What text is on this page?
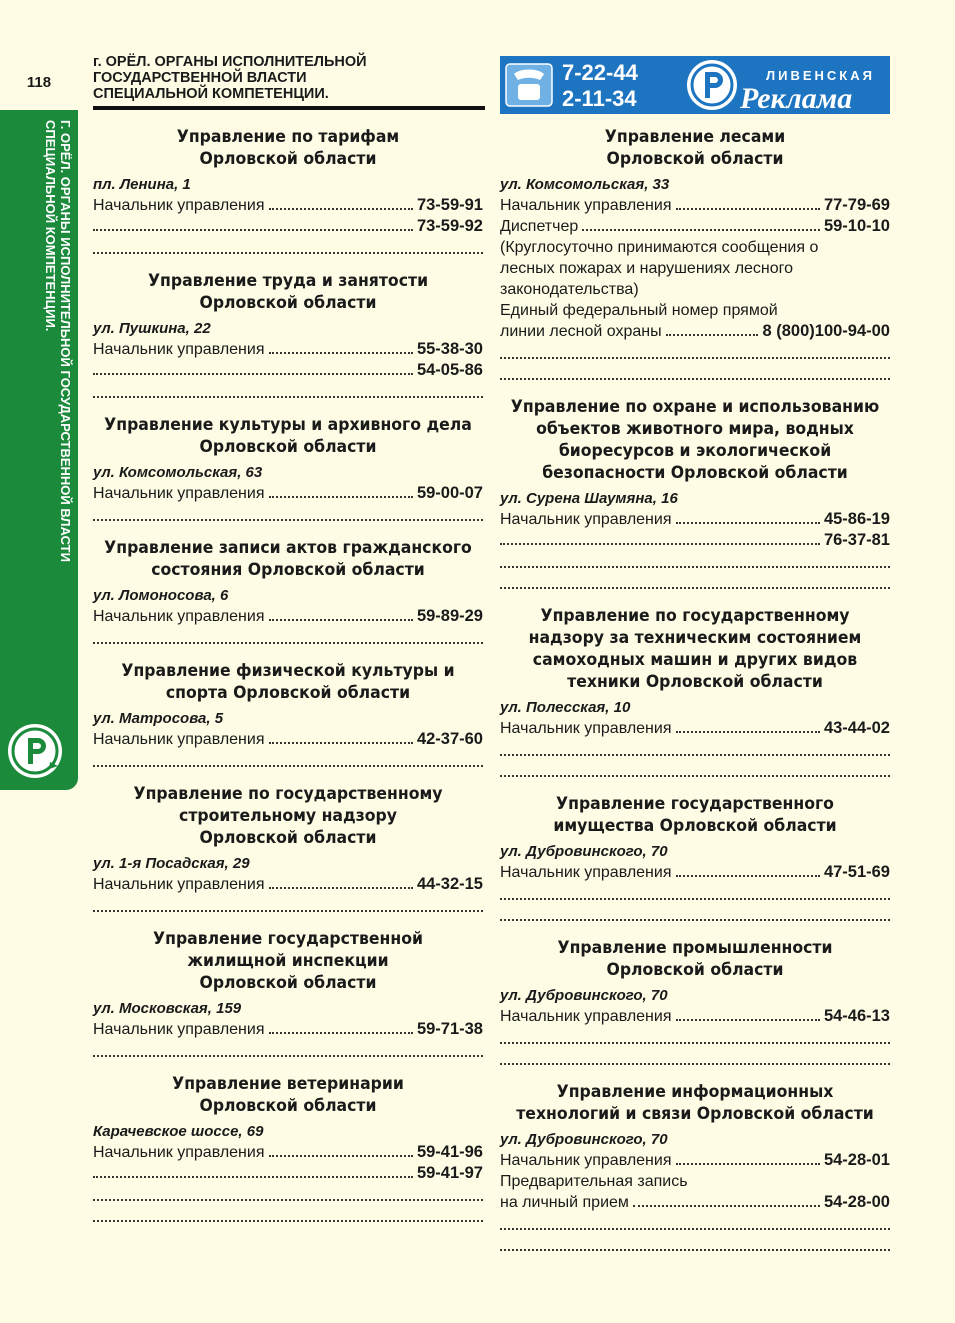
118
Г. ОРЁЛ. ОРГАНЫ ИСПОЛНИТЕЛЬНОЙ ГОСУДАРСТВЕННОЙ ВЛАСТИ
СПЕЦИАЛЬНОЙ КОМПЕТЕНЦИИ.
г. ОРЁЛ. ОРГАНЫ ИСПОЛНИТЕЛЬНОЙ
ГОСУДАРСТВЕННОЙ ВЛАСТИ
СПЕЦИАЛЬНОЙ КОМПЕТЕНЦИИ.
7-22-44
2-11-34
ЛИВЕНСКАЯ
Реклама
Управление по тарифам
Орловской области
пл. Ленина, 1
Начальник управления	73-59-91
73-59-92
Управление труда и занятости
Орловской области
ул. Пушкина, 22
Начальник управления	55-38-30
54-05-86
Управление культуры и архивного дела
Орловской области
ул. Комсомольская, 63
Начальник управления	59-00-07
Управление записи актов гражданского
состояния Орловской области
ул. Ломоносова, 6
Начальник управления	59-89-29
Управление физической культуры и
спорта Орловской области
ул. Матросова, 5
Начальник управления	42-37-60
Управление по государственному
строительному надзору
Орловской области
ул. 1-я Посадская, 29
Начальник управления	44-32-15
Управление государственной
жилищной инспекции
Орловской области
ул. Московская, 159
Начальник управления	59-71-38
Управление ветеринарии
Орловской области
Карачевское шоссе, 69
Начальник управления	59-41-96
59-41-97
Управление лесами
Орловской области
ул. Комсомольская, 33
Начальник управления	77-79-69
Диспетчер	59-10-10
(Круглосуточно принимаются сообщения о
лесных пожарах и нарушениях лесного
законодательства)
Единый федеральный номер прямой
линии лесной охраны	8 (800)100-94-00
Управление по охране и использованию
объектов животного мира, водных
биоресурсов и экологической
безопасности Орловской области
ул. Сурена Шаумяна, 16
Начальник управления	45-86-19
76-37-81
Управление по государственному
надзору за техническим состоянием
самоходных машин и других видов
техники Орловской области
ул. Полесская, 10
Начальник управления	43-44-02
Управление государственного
имущества Орловской области
ул. Дубровинского, 70
Начальник управления	47-51-69
Управление промышленности
Орловской области
ул. Дубровинского, 70
Начальник управления	54-46-13
Управление информационных
технологий и связи Орловской области
ул. Дубровинского, 70
Начальник управления	54-28-01
Предварительная запись
на личный прием	54-28-00
